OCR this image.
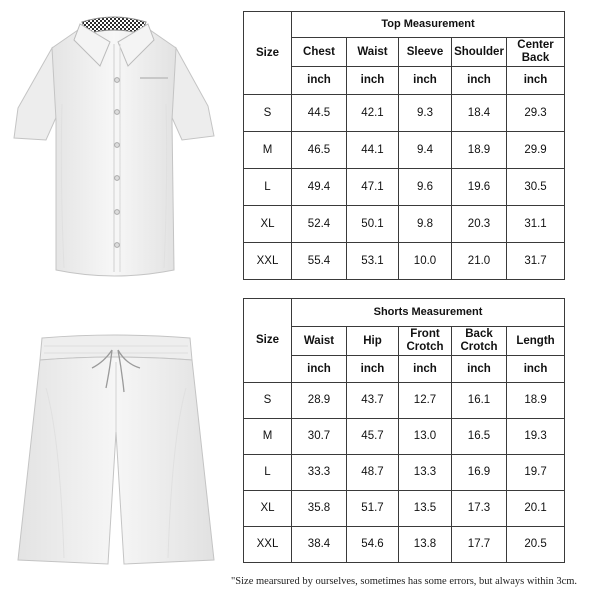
Size	Top Measurement				
	Chest	Waist	Sleeve	Shoulder	Center Back
	inch	inch	inch	inch	inch
S	44.5	42.1	9.3	18.4	29.3
M	46.5	44.1	9.4	18.9	29.9
L	49.4	47.1	9.6	19.6	30.5
XL	52.4	50.1	9.8	20.3	31.1
XXL	55.4	53.1	10.0	21.0	31.7
Size	Shorts Measurement				
	Waist	Hip	Front Crotch	Back Crotch	Length
	inch	inch	inch	inch	inch
S	28.9	43.7	12.7	16.1	18.9
M	30.7	45.7	13.0	16.5	19.3
L	33.3	48.7	13.3	16.9	19.7
XL	35.8	51.7	13.5	17.3	20.1
XXL	38.4	54.6	13.8	17.7	20.5
"Size mearsured by ourselves, sometimes has some errors, but always within 3cm.
